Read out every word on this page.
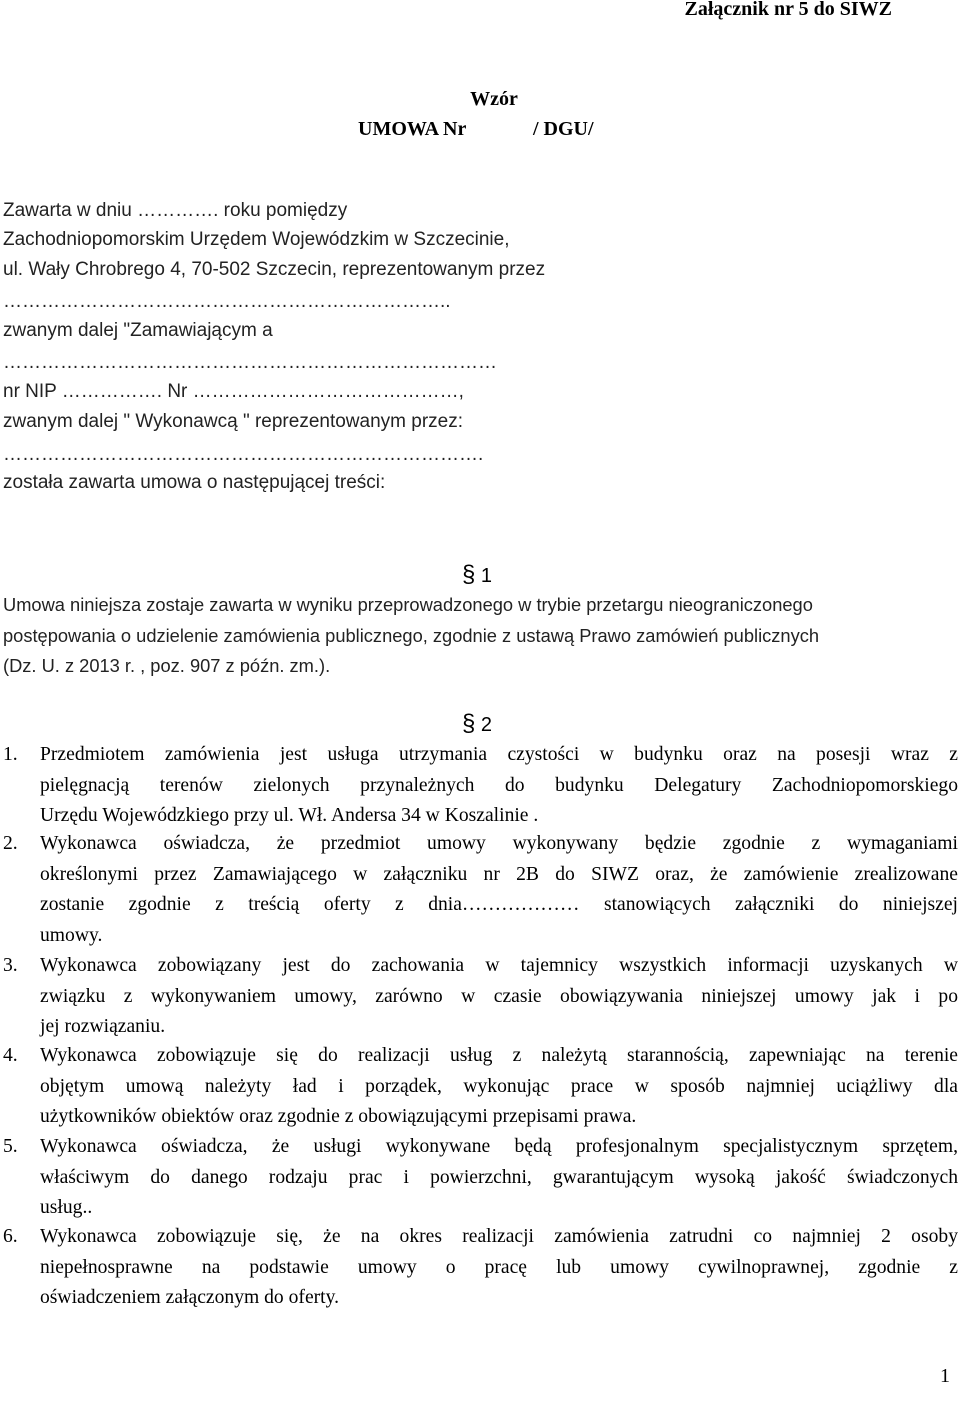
Załącznik nr 5 do SIWZ
Wzór
UMOWA Nr	/ DGU/
Zawarta w dniu …………. roku pomiędzy
Zachodniopomorskim Urzędem Wojewódzkim w Szczecinie,
ul. Wały Chrobrego 4, 70-502 Szczecin, reprezentowanym przez
……………………………………………………………..
zwanym dalej "Zamawiającym a
……………………………………………………………………
nr NIP ……………. Nr ……………………………………,
zwanym dalej " Wykonawcą " reprezentowanym przez:
………………………………………………………………….
została zawarta umowa o następującej treści:
§ 1
Umowa niniejsza zostaje zawarta w wyniku przeprowadzonego w trybie przetargu nieograniczonego
postępowania o udzielenie zamówienia publicznego, zgodnie z ustawą Prawo zamówień publicznych
(Dz. U. z 2013 r. , poz. 907 z późn. zm.).
§ 2
1. Przedmiotem zamówienia jest usługa utrzymania czystości w budynku oraz na posesji wraz z
pielęgnacją terenów zielonych przynależnych do budynku Delegatury Zachodniopomorskiego
Urzędu Wojewódzkiego przy ul. Wł. Andersa 34 w Koszalinie .
2. Wykonawca oświadcza, że przedmiot umowy wykonywany będzie zgodnie z wymaganiami
określonymi przez Zamawiającego w załączniku nr 2B do SIWZ oraz, że zamówienie zrealizowane
zostanie zgodnie z treścią oferty z dnia……………… stanowiących załączniki do niniejszej
umowy.
3. Wykonawca zobowiązany jest do zachowania w tajemnicy wszystkich informacji uzyskanych w
związku z wykonywaniem umowy, zarówno w czasie obowiązywania niniejszej umowy jak i po
jej rozwiązaniu.
4. Wykonawca zobowiązuje się do realizacji usług z należytą starannością, zapewniając na terenie
objętym umową należyty ład i porządek, wykonując prace w sposób najmniej uciążliwy dla
użytkowników obiektów oraz zgodnie z obowiązującymi przepisami prawa.
5. Wykonawca oświadcza, że usługi wykonywane będą profesjonalnym specjalistycznym sprzętem,
właściwym do danego rodzaju prac i powierzchni, gwarantującym wysoką jakość świadczonych
usług..
6. Wykonawca zobowiązuje się, że na okres realizacji zamówienia zatrudni co najmniej 2 osoby
niepełnosprawne na podstawie umowy o pracę lub umowy cywilnoprawnej, zgodnie z
oświadczeniem załączonym do oferty.
1
